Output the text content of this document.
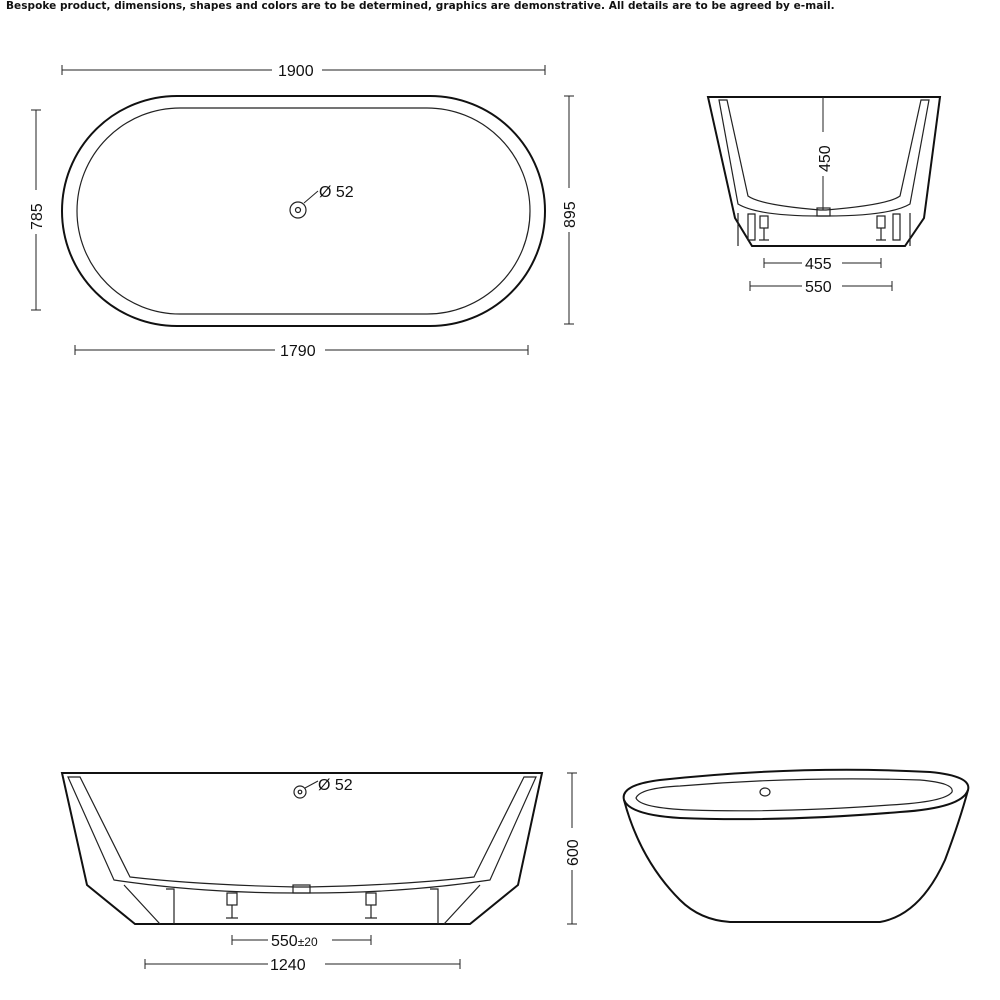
Bespoke product, dimensions, shapes and colors are to be determined, graphics are demonstrative. All details are to be agreed by e-mail.
Ø 52
1900
1790
785	895
450
455
550
Ø 52
600
550±20
1240
